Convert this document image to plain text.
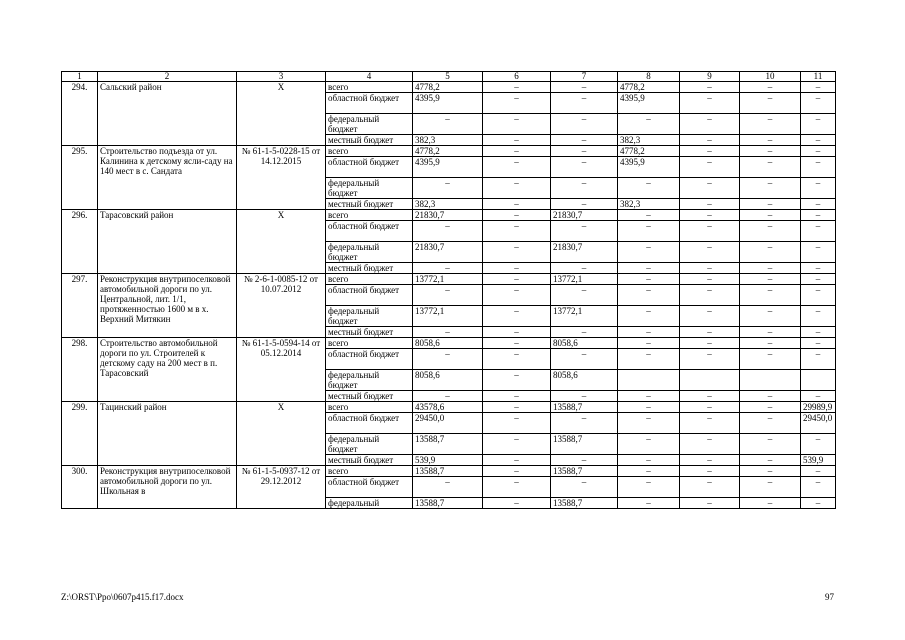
1	2	3	4	5	6	7	8	9	10	11
294.	Сальский район	X	всего	4778,2	–	–	4778,2	–	–	–
			областной бюджет	4395,9	–	–	4395,9	–	–	–
			федеральный бюджет	–	–	–	–	–	–	–
			местный бюджет	382,3	–	–	382,3	–	–	–
295.	Строительство подъезда от ул. Калинина к детскому ясли-саду на 140 мест в с. Сандата	№ 61-1-5-0228-15 от 14.12.2015	всего	4778,2	–	–	4778,2	–	–	–
			областной бюджет	4395,9	–	–	4395,9	–	–	–
			федеральный бюджет	–	–	–	–	–	–	–
			местный бюджет	382,3	–	–	382,3	–	–	–
296.	Тарасовский район	X	всего	21830,7	–	21830,7	–	–	–	–
			областной бюджет	–	–	–	–	–	–	–
			федеральный бюджет	21830,7	–	21830,7	–	–	–	–
			местный бюджет	–	–	–	–	–	–	–
297.	Реконструкция внутрипоселковой автомобильной дороги по ул. Центральной, лит. 1/1, протяженностью 1600 м в х. Верхний Митякин	№ 2-6-1-0085-12 от 10.07.2012	всего	13772,1	–	13772,1	–	–	–	–
			областной бюджет	–	–	–	–	–	–	–
			федеральный бюджет	13772,1	–	13772,1	–	–	–	–
			местный бюджет	–	–	–	–	–	–	–
298.	Строительство автомобильной дороги по ул. Строителей к детскому саду на 200 мест в п. Тарасовский	№ 61-1-5-0594-14 от 05.12.2014	всего	8058,6	–	8058,6	–	–	–	–
			областной бюджет	–	–	–	–	–	–	–
			федеральный бюджет	8058,6	–	8058,6				
			местный бюджет	–	–	–	–	–	–	–
299.	Тацинский район	X	всего	43578,6	–	13588,7	–	–	–	29989,9
			областной бюджет	29450,0	–	–	–	–	–	29450,0
			федеральный бюджет	13588,7	–	13588,7	–	–	–	–
			местный бюджет	539,9	–	–	–	–	–	539,9
300.	Реконструкция внутрипоселковой автомобильной дороги по ул. Школьная в	№ 61-1-5-0937-12 от 29.12.2012	всего	13588,7	–	13588,7	–	–	–	–
			областной бюджет	–	–	–	–	–	–	–
			федеральный	13588,7	–	13588,7	–	–	–	–
Z:\ORST\Ppo\0607p415.f17.docx	97
